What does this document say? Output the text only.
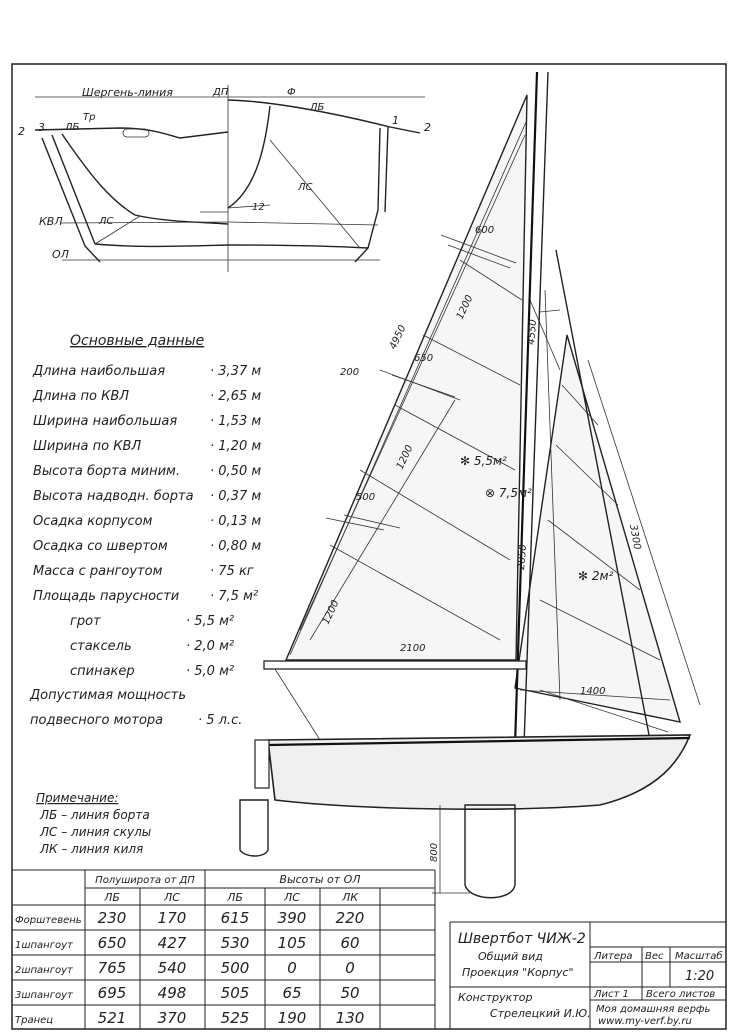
Шергень-линия	ДП	Ф
ЛБ
ЛБ
Тр
ЛС
ЛС
КВЛ
ОЛ
2 3
1
2
12
600
200
650
4950
1200
1200
1200
500
4550
3300
2850
2100
1400
✻ 5,5м²
⊗ 7,5м²
✻ 2м²
800
Основные данные
Длина наибольшая	· 3,37 м
Длина по КВЛ	· 2,65 м
Ширина наибольшая	· 1,53 м
Ширина по КВЛ	· 1,20 м
Высота борта миним. · 0,50 м
Высота надводн. борта · 0,37 м
Осадка корпусом	· 0,13 м
Осадка со швертом	· 0,80 м
Масса с рангоутом	· 75 кг
Площадь парусности · 7,5 м²
грот	· 5,5 м²
стаксель	· 2,0 м²
спинакер	· 5,0 м²
Допустимая мощность
подвесного мотора	· 5 л.с.
Примечание:
ЛБ – линия борта
ЛС – линия скулы
ЛК – линия киля
Полуширота от ДП	Высоты от ОЛ
ЛБ	ЛС	ЛБ	ЛС	ЛК
Форштевень 230 170 615 390 220
1шпангоут 650 427 530 105 60
2шпангоут 765 540 500	0	0
3шпангоут 695 498 505 65	50
Транец	521 370 525 190 130
Швертбот ЧИЖ-2
Общий вид
Проекция "Корпус"
Литера Вес Масштаб
1:20
Лист 1 Всего листов
Конструктор
Стрелецкий И.Ю. Моя домашняя верфь
www.my-verf.by.ru
